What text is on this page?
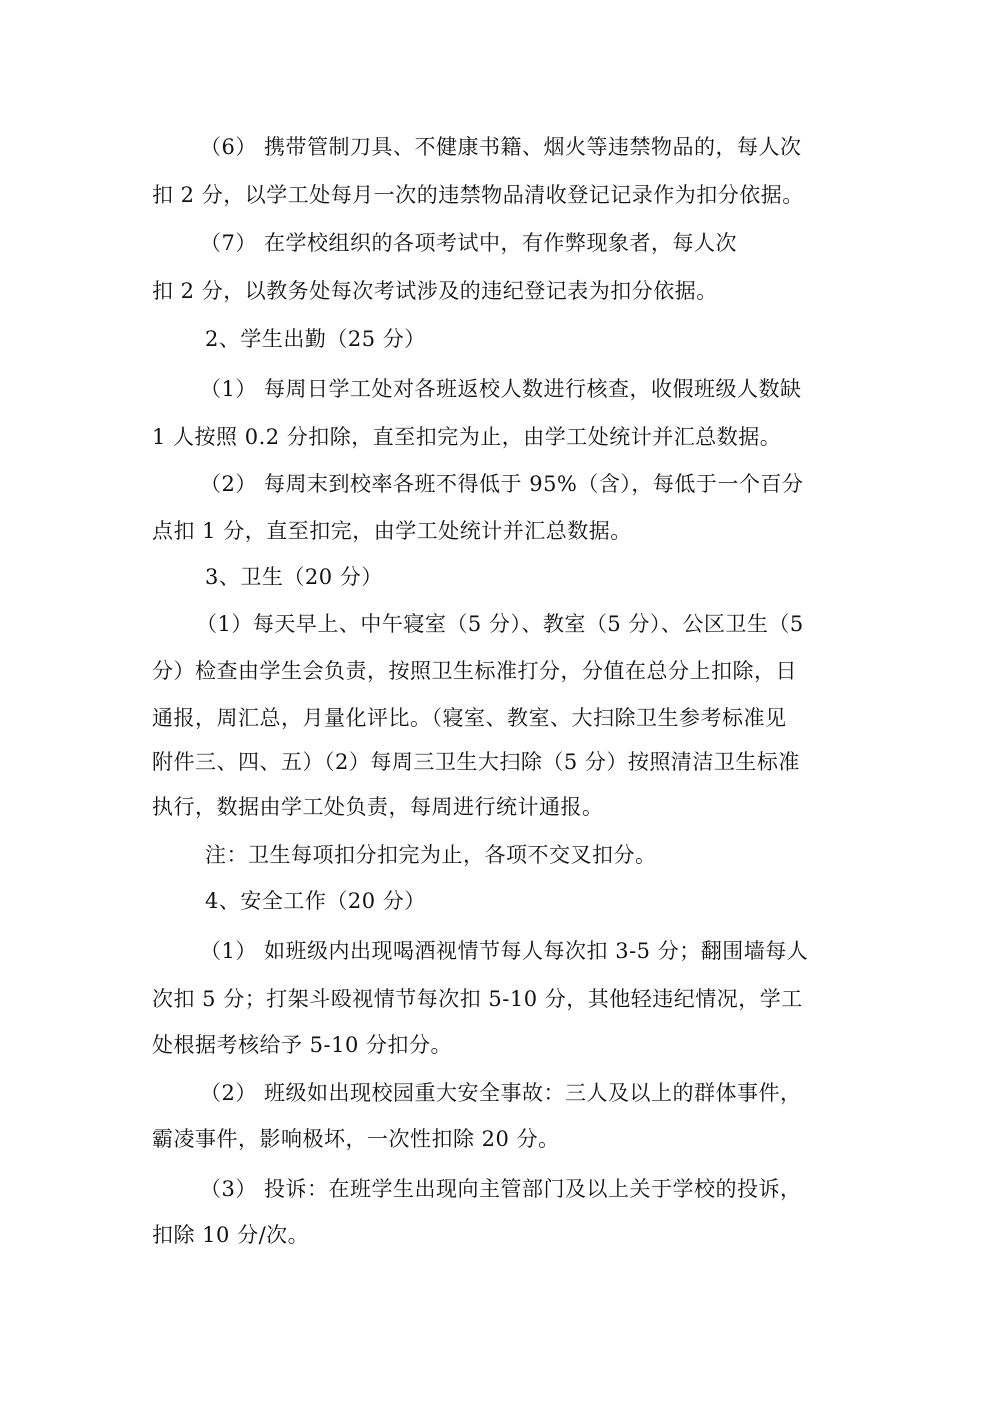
（6） 携带管制刀具、不健康书籍、烟火等违禁物品的，每人次
扣 2 分，以学工处每月一次的违禁物品清收登记记录作为扣分依据。
（7） 在学校组织的各项考试中，有作弊现象者，每人次
扣 2 分，以教务处每次考试涉及的违纪登记表为扣分依据。
2、学生出勤（25 分）
（1） 每周日学工处对各班返校人数进行核查，收假班级人数缺
1 人按照 0.2 分扣除，直至扣完为止，由学工处统计并汇总数据。
（2） 每周末到校率各班不得低于 95%（含），每低于一个百分
点扣 1 分，直至扣完，由学工处统计并汇总数据。
3、卫生（20 分）
（1）每天早上、中午寝室（5 分）、教室（5 分）、公区卫生（5
分）检查由学生会负责，按照卫生标准打分，分值在总分上扣除，日
通报，周汇总，月量化评比。（寝室、教室、大扫除卫生参考标准见
附件三、四、五）（2）每周三卫生大扫除（5 分）按照清洁卫生标准
执行，数据由学工处负责，每周进行统计通报。
注：卫生每项扣分扣完为止，各项不交叉扣分。
4、安全工作（20 分）
（1） 如班级内出现喝酒视情节每人每次扣 3-5 分；翻围墙每人
次扣 5 分；打架斗殴视情节每次扣 5-10 分，其他轻违纪情况，学工
处根据考核给予 5-10 分扣分。
（2） 班级如出现校园重大安全事故：三人及以上的群体事件，
霸凌事件，影响极坏，一次性扣除 20 分。
（3） 投诉：在班学生出现向主管部门及以上关于学校的投诉，
扣除 10 分/次。
